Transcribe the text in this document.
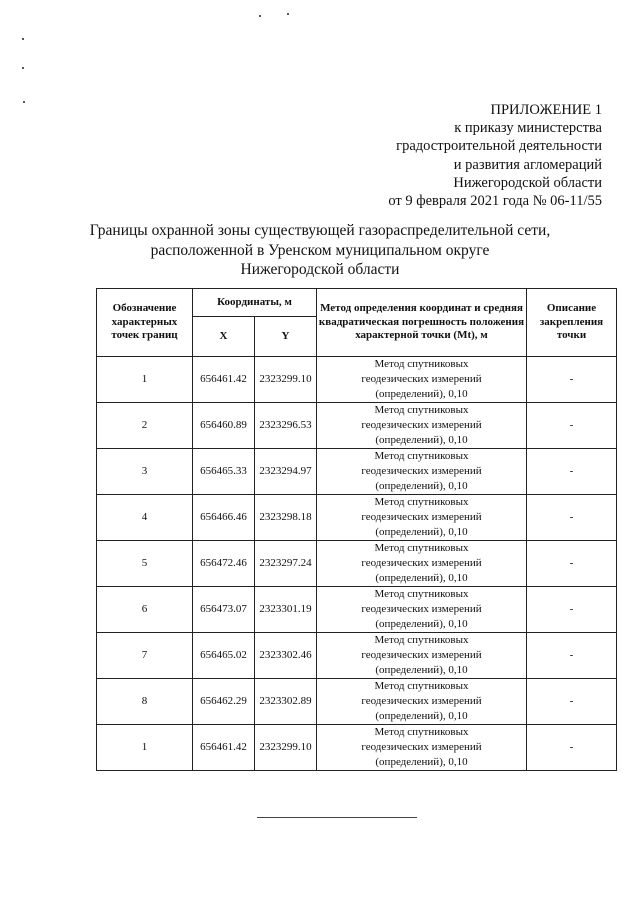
ПРИЛОЖЕНИЕ 1
к приказу министерства
градостроительной деятельности
и развития агломераций
Нижегородской области
от 9 февраля 2021 года № 06-11/55
Границы охранной зоны существующей газораспределительной сети,
расположенной в Уренском муниципальном округе
Нижегородской области
Обозначение характерных точек границ	Координаты, м		Метод определения координат и средняя квадратическая погрешность положения характерной точки (Mt), м	Описание закрепления точки
	X	Y		
1	656461.42	2323299.10	Метод спутниковых
геодезических измерений
(определений), 0,10	-
2	656460.89	2323296.53	Метод спутниковых
геодезических измерений
(определений), 0,10	-
3	656465.33	2323294.97	Метод спутниковых
геодезических измерений
(определений), 0,10	-
4	656466.46	2323298.18	Метод спутниковых
геодезических измерений
(определений), 0,10	-
5	656472.46	2323297.24	Метод спутниковых
геодезических измерений
(определений), 0,10	-
6	656473.07	2323301.19	Метод спутниковых
геодезических измерений
(определений), 0,10	-
7	656465.02	2323302.46	Метод спутниковых
геодезических измерений
(определений), 0,10	-
8	656462.29	2323302.89	Метод спутниковых
геодезических измерений
(определений), 0,10	-
1	656461.42	2323299.10	Метод спутниковых
геодезических измерений
(определений), 0,10	-
